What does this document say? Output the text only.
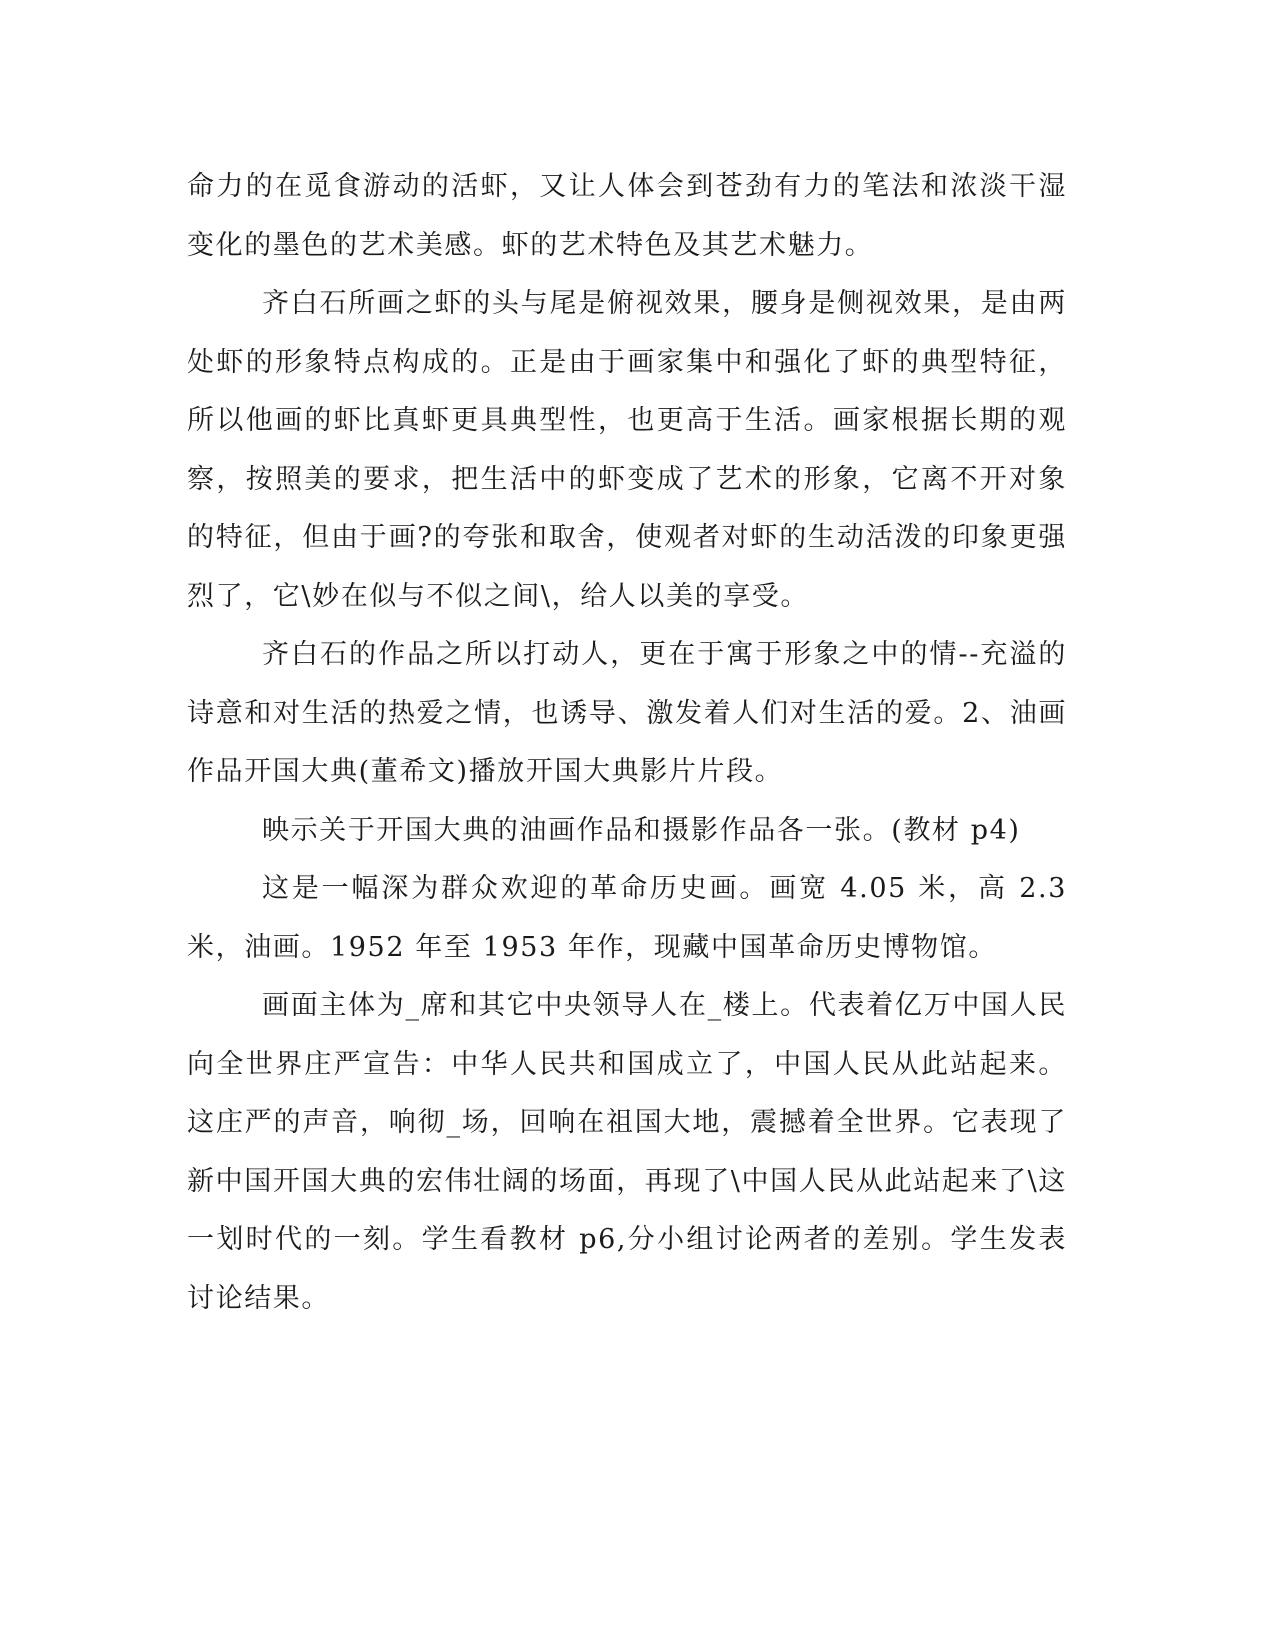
命力的在觅食游动的活虾，又让人体会到苍劲有力的笔法和浓淡干湿变化的墨色的艺术美感。虾的艺术特色及其艺术魅力。

齐白石所画之虾的头与尾是俯视效果，腰身是侧视效果，是由两处虾的形象特点构成的。正是由于画家集中和强化了虾的典型特征，所以他画的虾比真虾更具典型性，也更高于生活。画家根据长期的观察，按照美的要求，把生活中的虾变成了艺术的形象，它离不开对象的特征，但由于画?的夸张和取舍，使观者对虾的生动活泼的印象更强烈了，它\妙在似与不似之间\，给人以美的享受。

齐白石的作品之所以打动人，更在于寓于形象之中的情--充溢的诗意和对生活的热爱之情，也诱导、激发着人们对生活的爱。2、油画作品开国大典(董希文)播放开国大典影片片段。

映示关于开国大典的油画作品和摄影作品各一张。(教材 p4)

这是一幅深为群众欢迎的革命历史画。画宽 4.05 米，高 2.3 米，油画。1952 年至 1953 年作，现藏中国革命历史博物馆。

画面主体为_席和其它中央领导人在_楼上。代表着亿万中国人民向全世界庄严宣告：中华人民共和国成立了，中国人民从此站起来。这庄严的声音，响彻_场，回响在祖国大地，震撼着全世界。它表现了新中国开国大典的宏伟壮阔的场面，再现了\中国人民从此站起来了\这一划时代的一刻。学生看教材 p6,分小组讨论两者的差别。学生发表讨论结果。
